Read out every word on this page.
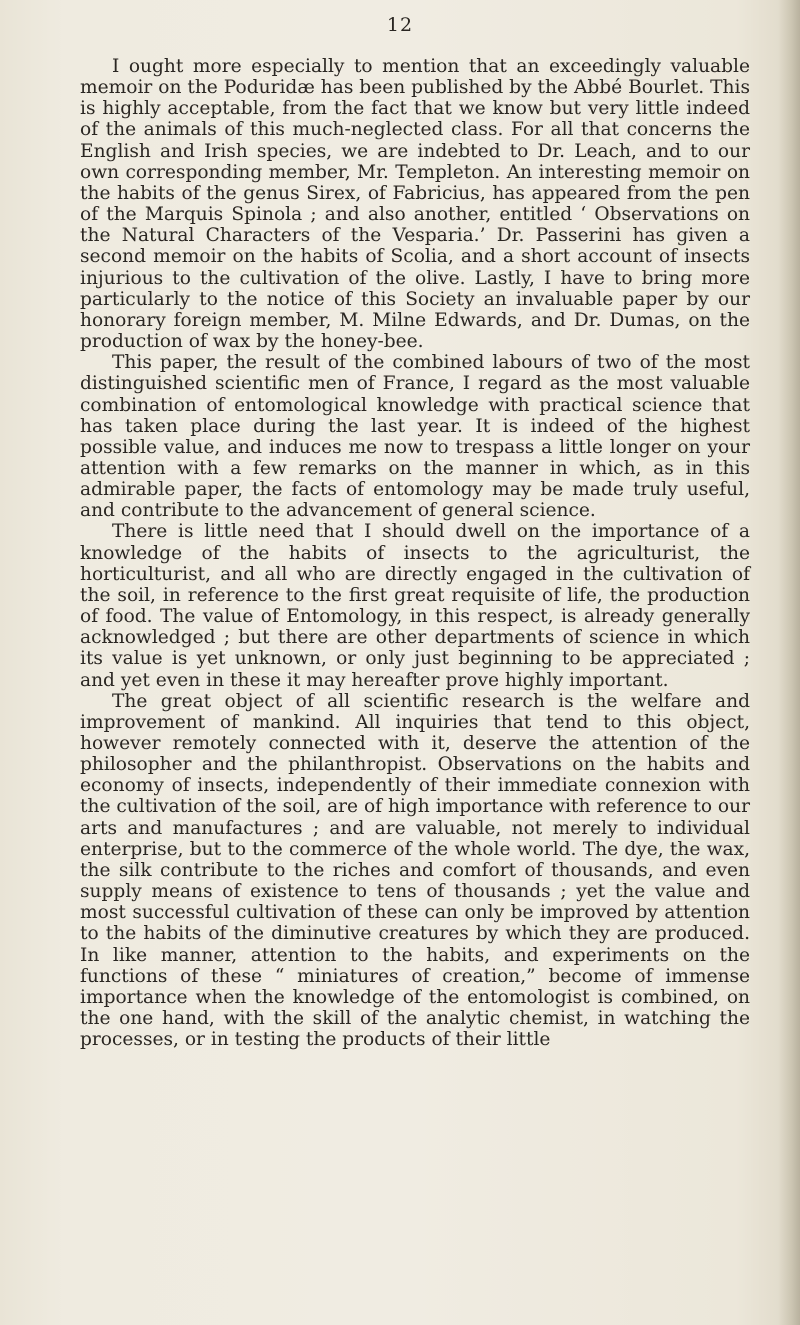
12

I ought more especially to mention that an exceedingly valuable memoir on the Poduridæ has been published by the Abbé Bourlet. This is highly acceptable, from the fact that we know but very little indeed of the animals of this much-neglected class. For all that concerns the English and Irish species, we are indebted to Dr. Leach, and to our own corresponding member, Mr. Templeton. An interesting memoir on the habits of the genus Sirex, of Fabricius, has appeared from the pen of the Marquis Spinola ; and also another, entitled ‘ Observations on the Natural Characters of the Vesparia.’ Dr. Passerini has given a second memoir on the habits of Scolia, and a short account of insects injurious to the cultivation of the olive. Lastly, I have to bring more particularly to the notice of this Society an invaluable paper by our honorary foreign member, M. Milne Edwards, and Dr. Dumas, on the production of wax by the honey-bee.

This paper, the result of the combined labours of two of the most distinguished scientific men of France, I regard as the most valuable combination of entomological knowledge with practical science that has taken place during the last year. It is indeed of the highest possible value, and induces me now to trespass a little longer on your attention with a few remarks on the manner in which, as in this admirable paper, the facts of entomology may be made truly useful, and contribute to the advancement of general science.

There is little need that I should dwell on the importance of a knowledge of the habits of insects to the agriculturist, the horticulturist, and all who are directly engaged in the cultivation of the soil, in reference to the first great requisite of life, the production of food. The value of Entomology, in this respect, is already generally acknowledged ; but there are other departments of science in which its value is yet unknown, or only just beginning to be appreciated ; and yet even in these it may hereafter prove highly important.

The great object of all scientific research is the welfare and improvement of mankind. All inquiries that tend to this object, however remotely connected with it, deserve the attention of the philosopher and the philanthropist. Observations on the habits and economy of insects, independently of their immediate connexion with the cultivation of the soil, are of high importance with reference to our arts and manufactures ; and are valuable, not merely to individual enterprise, but to the commerce of the whole world. The dye, the wax, the silk contribute to the riches and comfort of thousands, and even supply means of existence to tens of thousands ; yet the value and most successful cultivation of these can only be improved by attention to the habits of the diminutive creatures by which they are produced. In like manner, attention to the habits, and experiments on the functions of these “ miniatures of creation,” become of immense importance when the knowledge of the entomologist is combined, on the one hand, with the skill of the analytic chemist, in watching the processes, or in testing the products of their little
